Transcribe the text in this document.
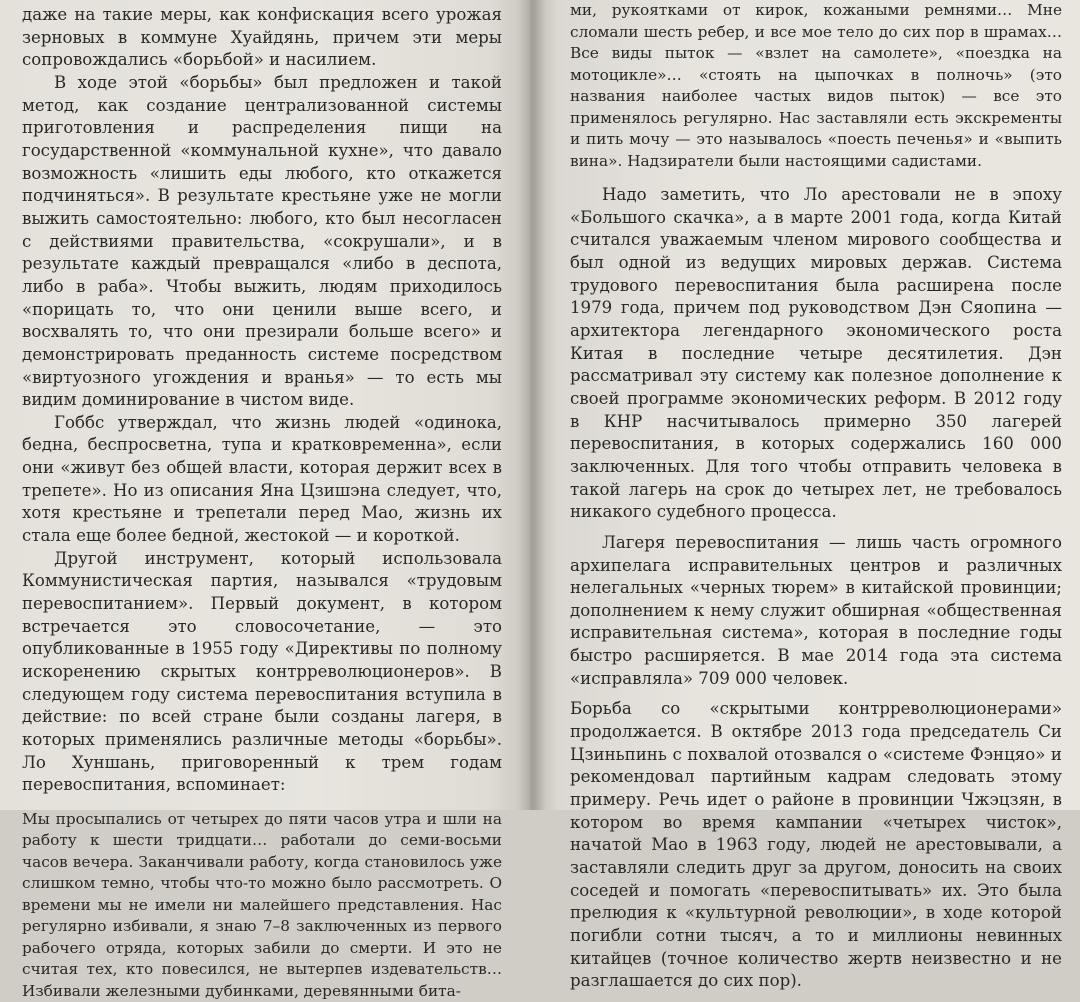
даже на такие меры, как конфискация всего урожая зерновых в коммуне Хуайдянь, причем эти меры сопровождались «борьбой» и насилием.

В ходе этой «борьбы» был предложен и такой метод, как создание централизованной системы приготовления и распределения пищи на государственной «коммунальной кухне», что давало возможность «лишить еды любого, кто откажется подчиняться». В результате крестьяне уже не могли выжить самостоятельно: любого, кто был несогласен с действиями правительства, «сокрушали», и в результате каждый превращался «либо в деспота, либо в раба». Чтобы выжить, людям приходилось «порицать то, что они ценили выше всего, и восхвалять то, что они презирали больше всего» и демонстрировать преданность системе посредством «виртуозного угождения и вранья» — то есть мы видим доминирование в чистом виде.

Гоббс утверждал, что жизнь людей «одинока, бедна, беспросветна, тупа и кратковременна», если они «живут без общей власти, которая держит всех в трепете». Но из описания Яна Цзишэна следует, что, хотя крестьяне и трепетали перед Мао, жизнь их стала еще более бедной, жестокой — и короткой.

Другой инструмент, который использовала Коммунистическая партия, назывался «трудовым перевоспитанием». Первый документ, в котором встречается это словосочетание, — это опубликованные в 1955 году «Директивы по полному искоренению скрытых контрреволюционеров». В следующем году система перевоспитания вступила в действие: по всей стране были созданы лагеря, в которых применялись различные методы «борьбы». Ло Хуншань, приговоренный к трем годам перевоспитания, вспоминает:

Мы просыпались от четырех до пяти часов утра и шли на работу к шести тридцати… работали до семи-восьми часов вечера. Заканчивали работу, когда становилось уже слишком темно, чтобы что-то можно было рассмотреть. О времени мы не имели ни малейшего представления. Нас регулярно избивали, я знаю 7–8 заключенных из первого рабочего отряда, которых забили до смерти. И это не считая тех, кто повесился, не вытерпев издевательств… Избивали железными дубинками, деревянными бита-

ми, рукоятками от кирок, кожаными ремнями… Мне сломали шесть ребер, и все мое тело до сих пор в шрамах… Все виды пыток — «взлет на самолете», «поездка на мотоцикле»… «стоять на цыпочках в полночь» (это названия наиболее частых видов пыток) — все это применялось регулярно. Нас заставляли есть экскременты и пить мочу — это называлось «поесть печенья» и «выпить вина». Надзиратели были настоящими садистами.

Надо заметить, что Ло арестовали не в эпоху «Большого скачка», а в марте 2001 года, когда Китай считался уважаемым членом мирового сообщества и был одной из ведущих мировых держав. Система трудового перевоспитания была расширена после 1979 года, причем под руководством Дэн Сяопина — архитектора легендарного экономического роста Китая в последние четыре десятилетия. Дэн рассматривал эту систему как полезное дополнение к своей программе экономических реформ. В 2012 году в КНР насчитывалось примерно 350 лагерей перевоспитания, в которых содержались 160 000 заключенных. Для того чтобы отправить человека в такой лагерь на срок до четырех лет, не требовалось никакого судебного процесса.

Лагеря перевоспитания — лишь часть огромного архипелага исправительных центров и различных нелегальных «черных тюрем» в китайской провинции; дополнением к нему служит обширная «общественная исправительная система», которая в последние годы быстро расширяется. В мае 2014 года эта система «исправляла» 709 000 человек.

Борьба со «скрытыми контрреволюционерами» продолжается. В октябре 2013 года председатель Си Цзиньпинь с похвалой отозвался о «системе Фэнцяо» и рекомендовал партийным кадрам следовать этому примеру. Речь идет о районе в провинции Чжэцзян, в котором во время кампании «четырех чисток», начатой Мао в 1963 году, людей не арестовывали, а заставляли следить друг за другом, доносить на своих соседей и помогать «перевоспитывать» их. Это была прелюдия к «культурной революции», в ходе которой погибли сотни тысяч, а то и миллионы невинных китайцев (точное количество жертв неизвестно и не разглашается до сих пор).
